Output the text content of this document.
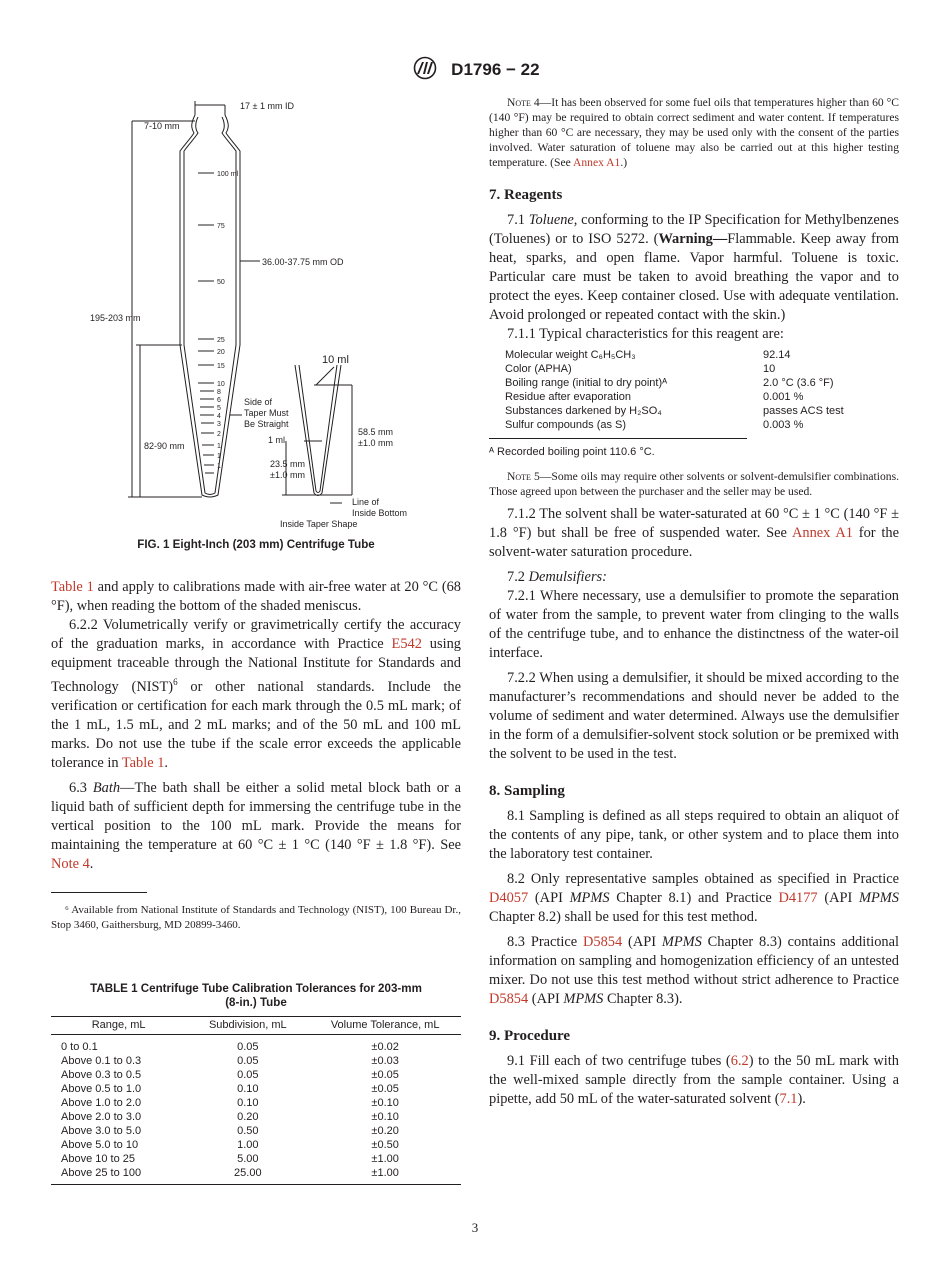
D1796 − 22
17 ± 1 mm ID
7-10 mm
36.00-37.75 mm OD
195-203 mm
82-90 mm
Side of
Taper Must
Be Straight
10 ml
1 ml
58.5 mm
±1.0 mm
23.5 mm
±1.0 mm
Line of
Inside Bottom
Inside Taper Shape
100 ml
75
50
25
20
15
10
8
6
5
4
3
2
1
1
1
FIG. 1 Eight-Inch (203 mm) Centrifuge Tube

Table 1 and apply to calibrations made with air-free water at 20 °C (68 °F), when reading the bottom of the shaded meniscus.

6.2.2 Volumetrically verify or gravimetrically certify the accuracy of the graduation marks, in accordance with Practice E542 using equipment traceable through the National Institute for Standards and Technology (NIST)$^6$ or other national standards. Include the verification or certification for each mark through the 0.5 mL mark; of the 1 mL, 1.5 mL, and 2 mL marks; and of the 50 mL and 100 mL marks. Do not use the tube if the scale error exceeds the applicable tolerance in Table 1.

6.3 Bath—The bath shall be either a solid metal block bath or a liquid bath of sufficient depth for immersing the centrifuge tube in the vertical position to the 100 mL mark. Provide the means for maintaining the temperature at 60 °C ± 1 °C (140 °F ± 1.8 °F). See Note 4.

⁶ Available from National Institute of Standards and Technology (NIST), 100 Bureau Dr., Stop 3460, Gaithersburg, MD 20899-3460.

TABLE 1 Centrifuge Tube Calibration Tolerances for 203-mm (8-in.) Tube
Range, mL	Subdivision, mL	Volume Tolerance, mL
0 to 0.1	0.05	±0.02
Above 0.1 to 0.3	0.05	±0.03
Above 0.3 to 0.5	0.05	±0.05
Above 0.5 to 1.0	0.10	±0.05
Above 1.0 to 2.0	0.10	±0.10
Above 2.0 to 3.0	0.20	±0.10
Above 3.0 to 5.0	0.50	±0.20
Above 5.0 to 10	1.00	±0.50
Above 10 to 25	5.00	±1.00
Above 25 to 100	25.00	±1.00

Note 4—It has been observed for some fuel oils that temperatures higher than 60 °C (140 °F) may be required to obtain correct sediment and water content. If temperatures higher than 60 °C are necessary, they may be used only with the consent of the parties involved. Water saturation of toluene may also be carried out at this higher testing temperature. (See Annex A1.)

7. Reagents

7.1 Toluene, conforming to the IP Specification for Methylbenzenes (Toluenes) or to ISO 5272. (Warning—Flammable. Keep away from heat, sparks, and open flame. Vapor harmful. Toluene is toxic. Particular care must be taken to avoid breathing the vapor and to protect the eyes. Keep container closed. Use with adequate ventilation. Avoid prolonged or repeated contact with the skin.)

7.1.1 Typical characteristics for this reagent are:

Molecular weight C₆H₅CH₃	92.14
Color (APHA)	10
Boiling range (initial to dry point)ᴬ	2.0 °C (3.6 °F)
Residue after evaporation	0.001 %
Substances darkened by H₂SO₄	passes ACS test
Sulfur compounds (as S)	0.003 %

ᴬ Recorded boiling point 110.6 °C.

Note 5—Some oils may require other solvents or solvent-demulsifier combinations. Those agreed upon between the purchaser and the seller may be used.

7.1.2 The solvent shall be water-saturated at 60 °C ± 1 °C (140 °F ± 1.8 °F) but shall be free of suspended water. See Annex A1 for the solvent-water saturation procedure.

7.2 Demulsifiers:

7.2.1 Where necessary, use a demulsifier to promote the separation of water from the sample, to prevent water from clinging to the walls of the centrifuge tube, and to enhance the distinctness of the water-oil interface.

7.2.2 When using a demulsifier, it should be mixed according to the manufacturer’s recommendations and should never be added to the volume of sediment and water determined. Always use the demulsifier in the form of a demulsifier-solvent stock solution or be premixed with the solvent to be used in the test.

8. Sampling

8.1 Sampling is defined as all steps required to obtain an aliquot of the contents of any pipe, tank, or other system and to place them into the laboratory test container.

8.2 Only representative samples obtained as specified in Practice D4057 (API MPMS Chapter 8.1) and Practice D4177 (API MPMS Chapter 8.2) shall be used for this test method.

8.3 Practice D5854 (API MPMS Chapter 8.3) contains additional information on sampling and homogenization efficiency of an untested mixer. Do not use this test method without strict adherence to Practice D5854 (API MPMS Chapter 8.3).

9. Procedure

9.1 Fill each of two centrifuge tubes (6.2) to the 50 mL mark with the well-mixed sample directly from the sample container. Using a pipette, add 50 mL of the water-saturated solvent (7.1).

3
